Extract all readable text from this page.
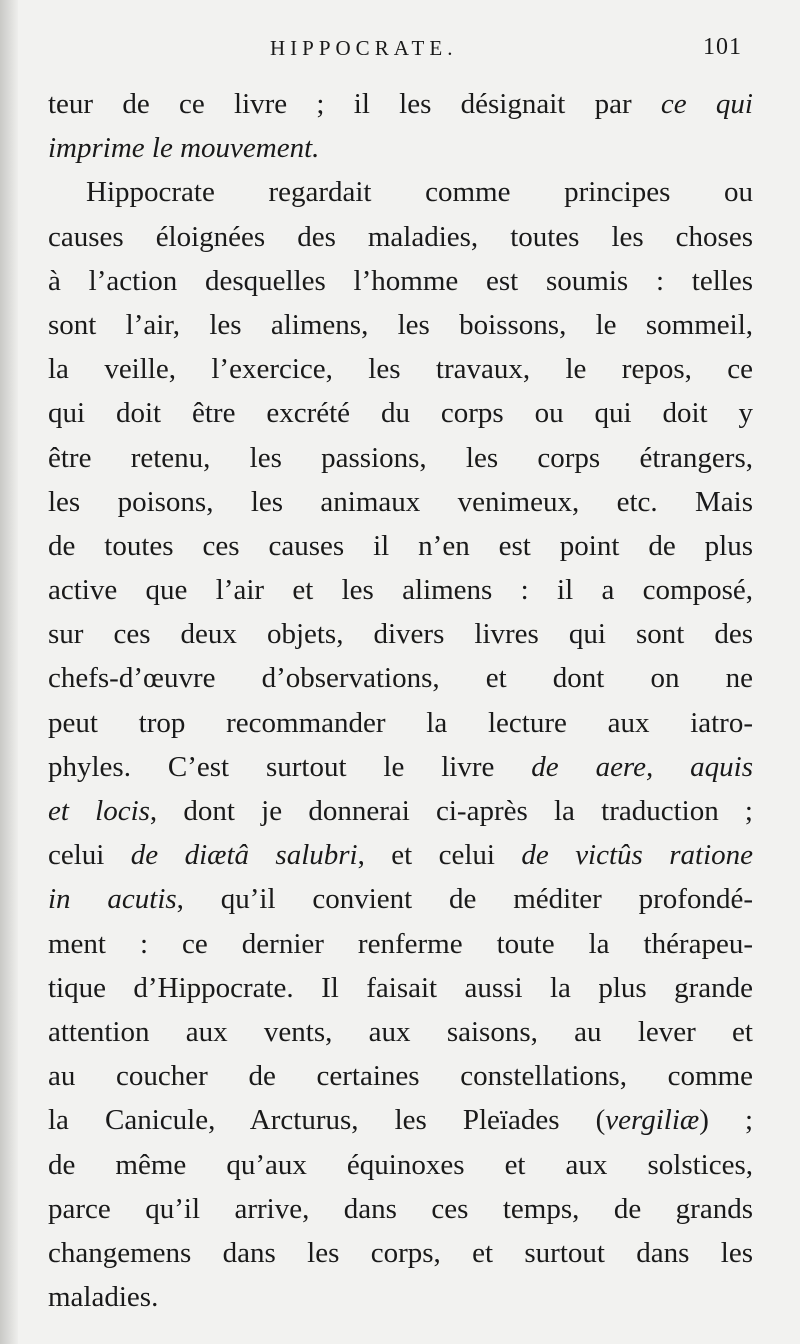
HIPPOCRATE.	101
teur de ce livre ; il les désignait par ce qui
imprime le mouvement.
Hippocrate regardait comme principes ou
causes éloignées des maladies, toutes les choses
à l’action desquelles l’homme est soumis : telles
sont l’air, les alimens, les boissons, le sommeil,
la veille, l’exercice, les travaux, le repos, ce
qui doit être excrété du corps ou qui doit y
être retenu, les passions, les corps étrangers,
les poisons, les animaux venimeux, etc. Mais
de toutes ces causes il n’en est point de plus
active que l’air et les alimens : il a composé,
sur ces deux objets, divers livres qui sont des
chefs-d’œuvre d’observations, et dont on ne
peut trop recommander la lecture aux iatro-
phyles. C’est surtout le livre de aere, aquis
et locis, dont je donnerai ci-après la traduction ;
celui de diætâ salubri, et celui de victûs ratione
in acutis, qu’il convient de méditer profondé-
ment : ce dernier renferme toute la thérapeu-
tique d’Hippocrate. Il faisait aussi la plus grande
attention aux vents, aux saisons, au lever et
au coucher de certaines constellations, comme
la Canicule, Arcturus, les Pleïades (vergiliæ) ;
de même qu’aux équinoxes et aux solstices,
parce qu’il arrive, dans ces temps, de grands
changemens dans les corps, et surtout dans les
maladies.
